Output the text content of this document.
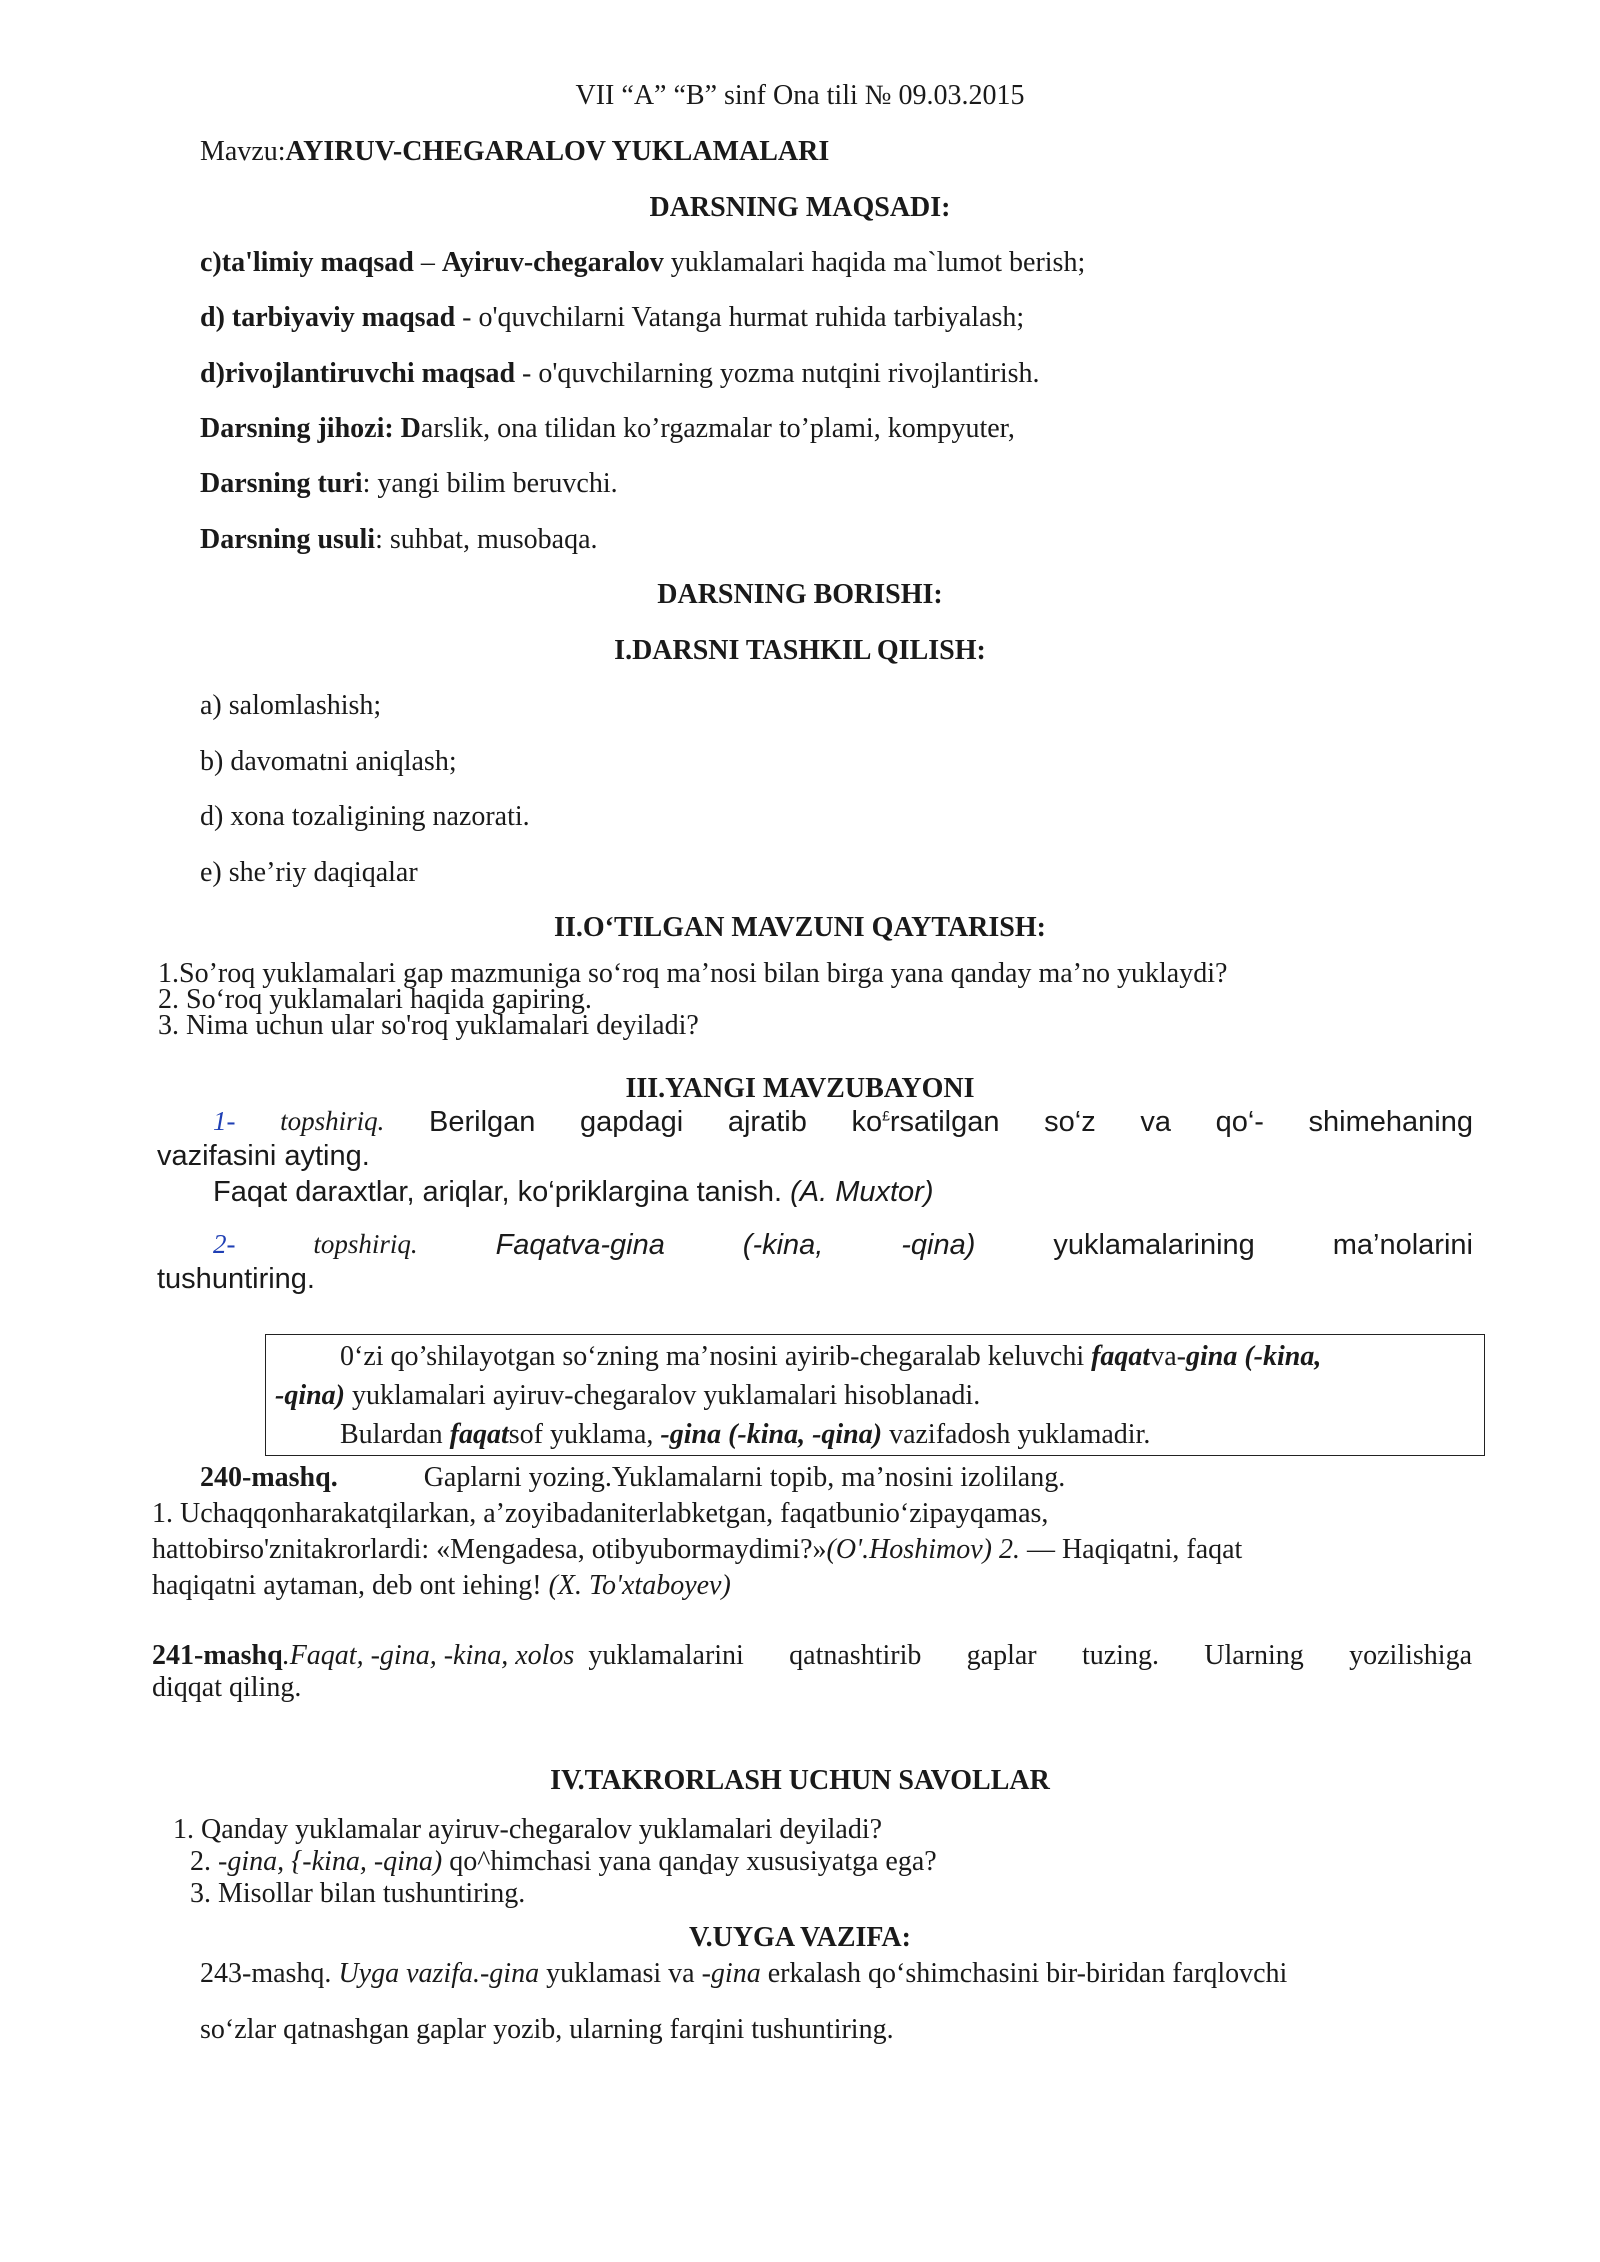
VII “A” “B” sinf Ona tili № 09.03.2015
Mavzu:AYIRUV-CHEGARALOV YUKLAMALARI
DARSNING MAQSADI:
c)ta'limiy maqsad – Ayiruv-chegaralov yuklamalari haqida ma`lumot berish;
d) tarbiyaviy maqsad - o'quvchilarni Vatanga hurmat ruhida tarbiyalash;
d)rivojlantiruvchi maqsad - o'quvchilarning yozma nutqini rivojlantirish.
Darsning jihozi: Darslik, ona tilidan ko’rgazmalar to’plami, kompyuter,
Darsning turi: yangi bilim beruvchi.
Darsning usuli: suhbat, musobaqa.
DARSNING BORISHI:
I.DARSNI TASHKIL QILISH:
a) salomlashish;
b) davomatni aniqlash;
d) xona tozaligining nazorati.
e) she’riy daqiqalar
II.O‘TILGAN MAVZUNI QAYTARISH:
1.So’roq yuklamalari gap mazmuniga so‘roq ma’nosi bilan birga yana qanday ma’no yuklaydi?
2. So‘roq yuklamalari haqida gapiring.
3. Nima uchun ular so'roq yuklamalari deyiladi?
III.YANGI MAVZUBAYONI
1- topshiriq. Berilgan gapdagi ajratib ko£rsatilgan so‘z va qo‘- shimehaning
vazifasini ayting.
Faqat daraxtlar, ariqlar, ko‘priklargina tanish. (A. Muxtor)
2-	topshiriq.	Faqatva-gina	(-kina,	-qina)	yuklamalarining	ma’nolarini
tushuntiring.
0‘zi qo’shilayotgan so‘zning ma’nosini ayirib-chegaralab keluvchi faqatva-gina (-kina,
-qina) yuklamalari ayiruv-chegaralov yuklamalari hisoblanadi.
Bulardan faqatsof yuklama, -gina (-kina, -qina) vazifadosh yuklamadir.
240-mashq.	Gaplarni yozing.Yuklamalarni topib, ma’nosini izolilang.
1. Uchaqqonharakatqilarkan, a’zoyibadaniterlabketgan, faqatbunio‘zipayqamas,
hattobirso'znitakrorlardi: «Mengadesa, otibyubormaydimi?»(O'.Hoshimov) 2. — Haqiqatni, faqat
haqiqatni aytaman, deb ont iehing! (X. To'xtaboyev)
241-mashq.Faqat, -gina, -kina, xolos yuklamalarini qatnashtirib gaplar tuzing. Ularning yozilishiga
diqqat qiling.
IV.TAKRORLASH UCHUN SAVOLLAR
1. Qanday yuklamalar ayiruv-chegaralov yuklamalari deyiladi?
2. -gina, {-kina, -qina) qo^himchasi yana qanday xususiyatga ega?
3. Misollar bilan tushuntiring.
V.UYGA VAZIFA:
243-mashq. Uyga vazifa.-gina yuklamasi va -gina erkalash qo‘shimchasini bir-biridan farqlovchi
so‘zlar qatnashgan gaplar yozib, ularning farqini tushuntiring.
